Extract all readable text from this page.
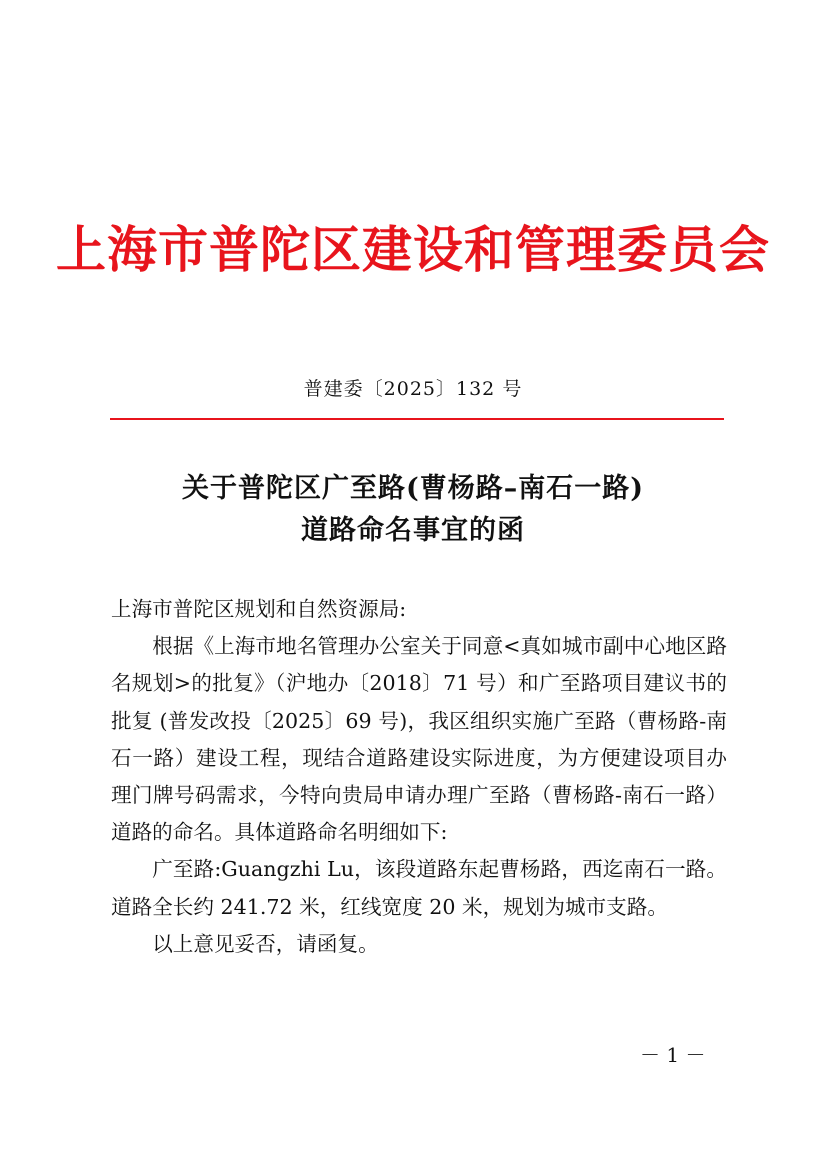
上海市普陀区建设和管理委员会
普建委〔2025〕132 号
关于普陀区广至路(曹杨路–南石一路)
道路命名事宜的函

上海市普陀区规划和自然资源局:

根据《上海市地名管理办公室关于同意<真如城市副中心地区路名规划>的批复》（沪地办〔2018〕71 号）和广至路项目建议书的批复 (普发改投〔2025〕69 号)，我区组织实施广至路（曹杨路-南石一路）建设工程，现结合道路建设实际进度，为方便建设项目办理门牌号码需求，今特向贵局申请办理广至路（曹杨路-南石一路）道路的命名。具体道路命名明细如下:

广至路:Guangzhi Lu，该段道路东起曹杨路，西迄南石一路。道路全长约 241.72 米，红线宽度 20 米，规划为城市支路。

以上意见妥否，请函复。

－ 1 －
